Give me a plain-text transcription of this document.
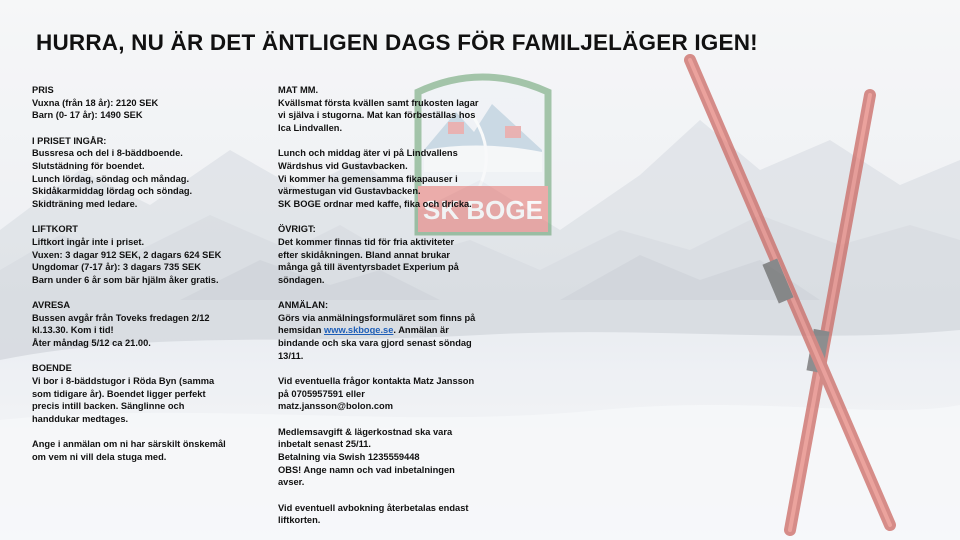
SK BOGE
HURRA, NU ÄR DET ÄNTLIGEN DAGS FÖR FAMILJELÄGER IGEN!
PRIS
Vuxna (från 18 år): 2120 SEK
Barn (0- 17 år): 1490 SEK
I PRISET INGÅR:
Bussresa och del i 8-bäddboende.
Slutstädning för boendet.
Lunch lördag, söndag och måndag.
Skidåkarmiddag lördag och söndag.
Skidträning med ledare.
LIFTKORT
Liftkort ingår inte i priset.
Vuxen: 3 dagar 912 SEK, 2 dagars 624 SEK
Ungdomar (7-17 år): 3 dagars 735 SEK
Barn under 6 år som bär hjälm åker gratis.
AVRESA
Bussen avgår från Toveks fredagen 2/12
kl.13.30. Kom i tid!
Åter måndag 5/12 ca 21.00.
BOENDE
Vi bor i 8-bäddstugor i Röda Byn (samma
som tidigare år). Boendet ligger perfekt
precis intill backen. Sänglinne och
handdukar medtages.
Ange i anmälan om ni har särskilt önskemål
om vem ni vill dela stuga med.
MAT MM.
Kvällsmat första kvällen samt frukosten lagar
vi själva i stugorna. Mat kan förbeställas hos
Ica Lindvallen.
Lunch och middag äter vi på Lindvallens
Wärdshus vid Gustavbacken.
Vi kommer ha gemensamma fikapauser i
värmestugan vid Gustavbacken.
SK BOGE ordnar med kaffe, fika och dricka.
ÖVRIGT:
Det kommer finnas tid för fria aktiviteter
efter skidåkningen. Bland annat brukar
många gå till äventyrsbadet Experium på
söndagen.
ANMÄLAN:
Görs via anmälningsformuläret som finns på
hemsidan www.skboge.se. Anmälan är
bindande och ska vara gjord senast söndag
13/11.
Vid eventuella frågor kontakta Matz Jansson
på 0705957591 eller
matz.jansson@bolon.com
Medlemsavgift & lägerkostnad ska vara
inbetalt senast 25/11.
Betalning via Swish 1235559448
OBS! Ange namn och vad inbetalningen
avser.
Vid eventuell avbokning återbetalas endast
liftkorten.
